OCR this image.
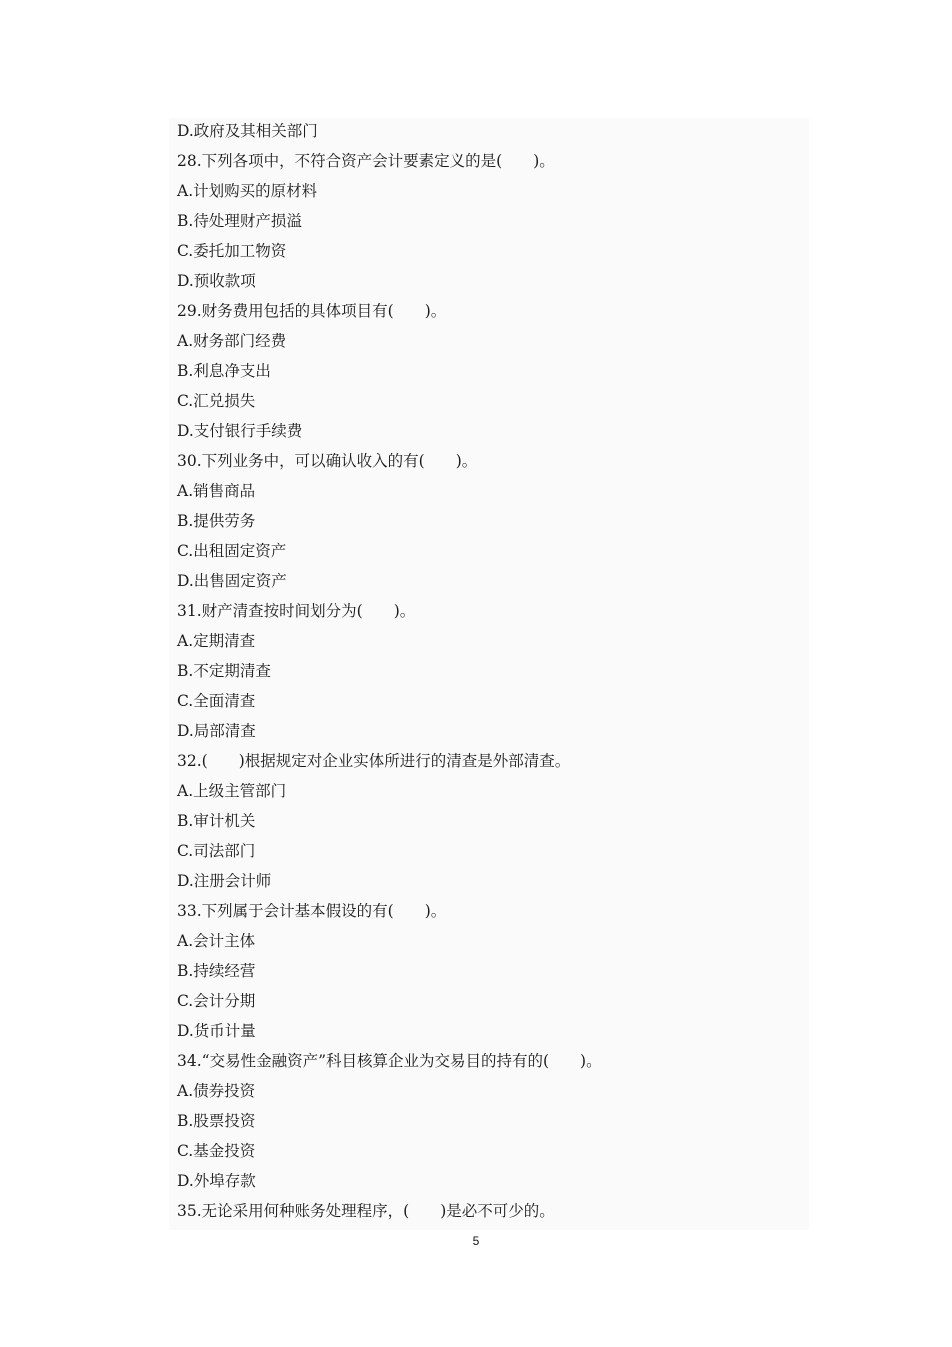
D.政府及其相关部门
28.下列各项中，不符合资产会计要素定义的是(　　)。
A.计划购买的原材料
B.待处理财产损溢
C.委托加工物资
D.预收款项
29.财务费用包括的具体项目有(　　)。
A.财务部门经费
B.利息净支出
C.汇兑损失
D.支付银行手续费
30.下列业务中，可以确认收入的有(　　)。
A.销售商品
B.提供劳务
C.出租固定资产
D.出售固定资产
31.财产清查按时间划分为(　　)。
A.定期清查
B.不定期清查
C.全面清查
D.局部清查
32.(　　)根据规定对企业实体所进行的清查是外部清查。
A.上级主管部门
B.审计机关
C.司法部门
D.注册会计师
33.下列属于会计基本假设的有(　　)。
A.会计主体
B.持续经营
C.会计分期
D.货币计量
34.“交易性金融资产”科目核算企业为交易目的持有的(　　)。
A.债券投资
B.股票投资
C.基金投资
D.外埠存款
35.无论采用何种账务处理程序，(　　)是必不可少的。
5
